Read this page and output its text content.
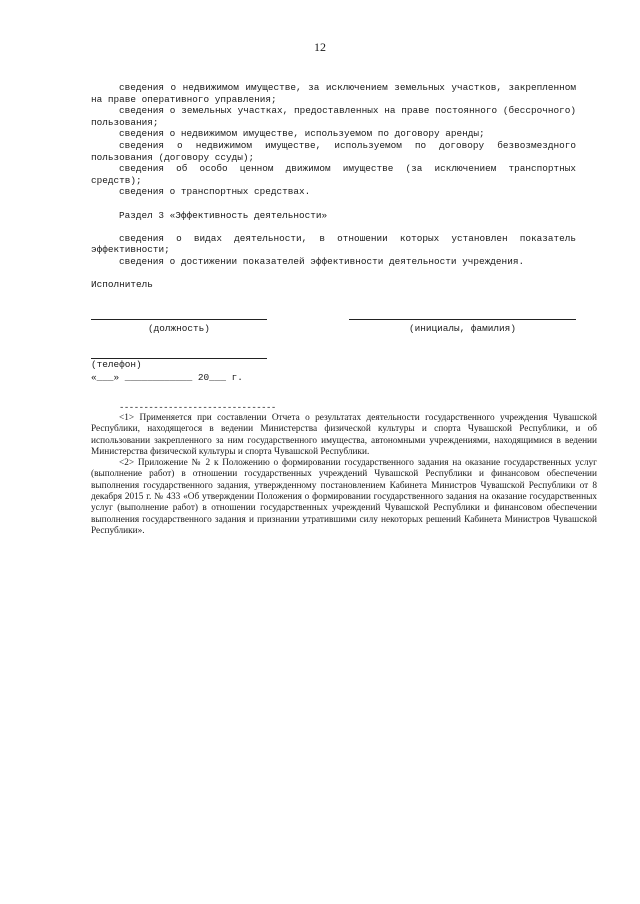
12

сведения о недвижимом имуществе, за исключением земельных участков, закрепленном на праве оперативного управления;

сведения о земельных участках, предоставленных на праве постоянного (бессрочного) пользования;

сведения о недвижимом имуществе, используемом по договору аренды;

сведения о недвижимом имуществе, используемом по договору безвозмездного пользования (договору ссуды);

сведения об особо ценном движимом имуществе (за исключением транспортных средств);

сведения о транспортных средствах.

Раздел 3 «Эффективность деятельности»

сведения о видах деятельности, в отношении которых установлен показатель эффективности;

сведения о достижении показателей эффективности деятельности учреждения.

Исполнитель

(должность)	(инициалы, фамилия)
(телефон)
«___» ____________ 20___ г.
--------------------------------

<1> Применяется при составлении Отчета о результатах деятельности государственного учреждения Чувашской Республики, находящегося в ведении Министерства физической культуры и спорта Чувашской Республики, и об использовании закрепленного за ним государственного имущества, автономными учреждениями, находящимися в ведении Министерства физической культуры и спорта Чувашской Республики.

<2> Приложение № 2 к Положению о формировании государственного задания на оказание государственных услуг (выполнение работ) в отношении государственных учреждений Чувашской Республики и финансовом обеспечении выполнения государственного задания, утвержденному постановлением Кабинета Министров Чувашской Республики от 8 декабря 2015 г. № 433 «Об утверждении Положения о формировании государственного задания на оказание государственных услуг (выполнение работ) в отношении государственных учреждений Чувашской Республики и финансовом обеспечении выполнения государственного задания и признании утратившими силу некоторых решений Кабинета Министров Чувашской Республики».
